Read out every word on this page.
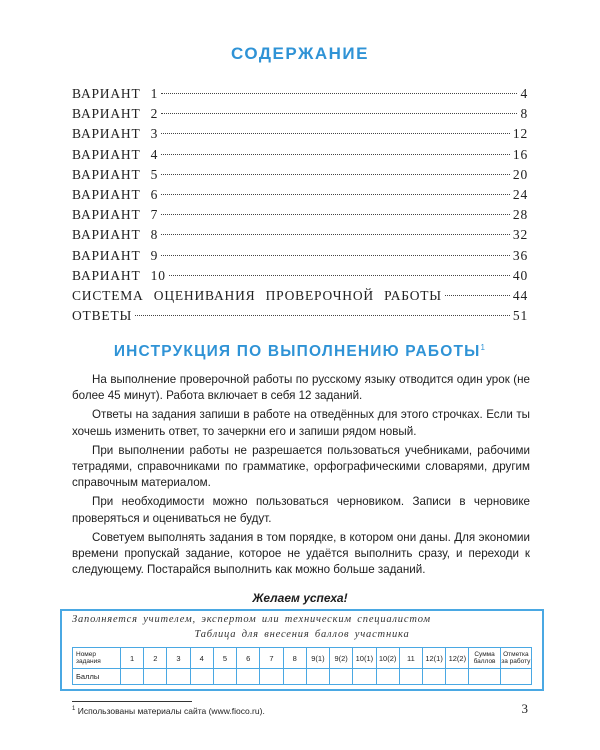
СОДЕРЖАНИЕ
ВАРИАНТ 1	4
ВАРИАНТ 2	8
ВАРИАНТ 3	12
ВАРИАНТ 4	16
ВАРИАНТ 5	20
ВАРИАНТ 6	24
ВАРИАНТ 7	28
ВАРИАНТ 8	32
ВАРИАНТ 9	36
ВАРИАНТ 10	40
СИСТЕМА ОЦЕНИВАНИЯ ПРОВЕРОЧНОЙ РАБОТЫ	44
ОТВЕТЫ	51
ИНСТРУКЦИЯ ПО ВЫПОЛНЕНИЮ РАБОТЫ$^1$

На выполнение проверочной работы по русскому языку отводится один урок (не более 45 минут). Работа включает в себя 12 заданий.

Ответы на задания запиши в работе на отведённых для этого строчках. Если ты хочешь изменить ответ, то зачеркни его и запиши рядом новый.

При выполнении работы не разрешается пользоваться учебниками, рабочими тетрадями, справочниками по грамматике, орфографическими словарями, другим справочным материалом.

При необходимости можно пользоваться черновиком. Записи в черновике проверяться и оцениваться не будут.

Советуем выполнять задания в том порядке, в котором они даны. Для экономии времени пропускай задание, которое не удаётся выполнить сразу, и переходи к следующему. Постарайся выполнить как можно больше заданий.

Желаем успеха!
Заполняется учителем, экспертом или техническим специалистом
Таблица для внесения баллов участника
Номер задания	1	2	3	4	5	6	7	8	9(1)	9(2)	10(1)	10(2)	11	12(1)	12(2)	Сумма баллов	Отметка за работу
Баллы																	
$^1$ Использованы материалы сайта (www.fioco.ru).	3
